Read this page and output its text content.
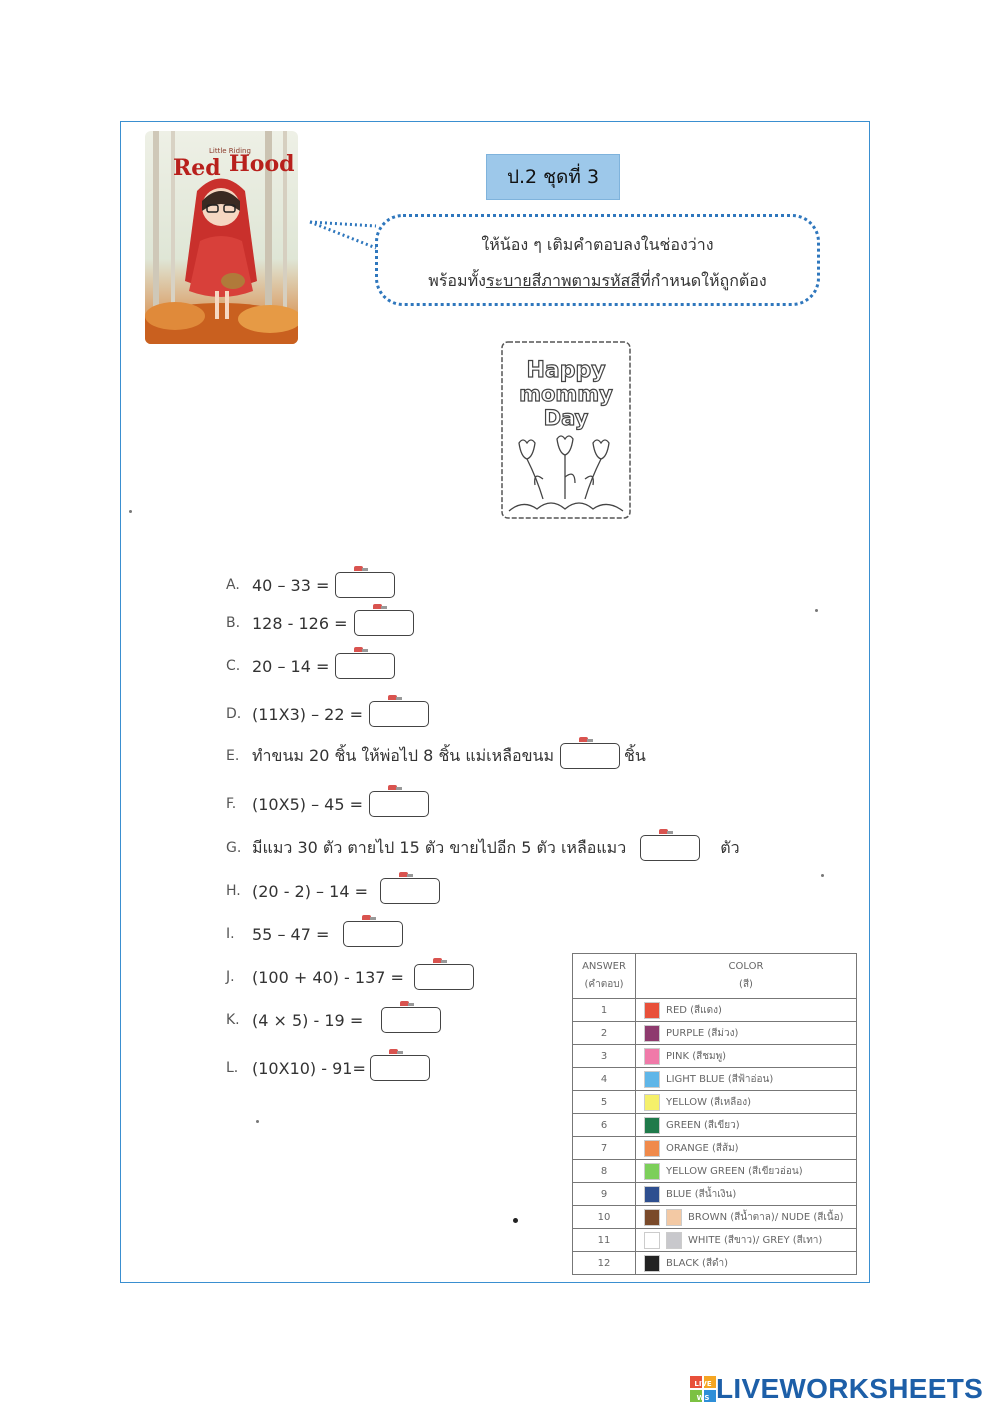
Red Hood
Little Riding
ป.2 ชุดที่ 3
ให้น้อง ๆ เติมคำตอบลงในช่องว่าง
พร้อมทั้งระบายสีภาพตามรหัสสีที่กำหนดให้ถูกต้อง
Happy
mommy
Day
A. 40 – 33 =
B. 128 - 126 =
C. 20 – 14 =
D. (11X3) – 22 =
E. ทำขนม 20 ชิ้น ให้พ่อไป 8 ชิ้น แม่เหลือขนม	ชิ้น
F. (10X5) – 45 =
G. มีแมว 30 ตัว ตายไป 15 ตัว ขายไปอีก 5 ตัว เหลือแมว	ตัว
H. (20 - 2) – 14 =
I.	55 – 47 =
J.	(100 + 40) - 137 =
K. (4 × 5) - 19 =
L. (10X10) - 91=
ANSWER
(คำตอบ)	COLOR
(สี)
1	RED (สีแดง)
2	PURPLE (สีม่วง)
3	PINK (สีชมพู)
4	LIGHT BLUE (สีฟ้าอ่อน)
5	YELLOW (สีเหลือง)
6	GREEN (สีเขียว)
7	ORANGE (สีส้ม)
8	YELLOW GREEN (สีเขียวอ่อน)
9	BLUE (สีน้ำเงิน)
10	BROWN (สีน้ำตาล)/ NUDE (สีเนื้อ)
11	WHITE (สีขาว)/ GREY (สีเทา)
12	BLACK (สีดำ)
LIVE
WS LIVEWORKSHEETS
